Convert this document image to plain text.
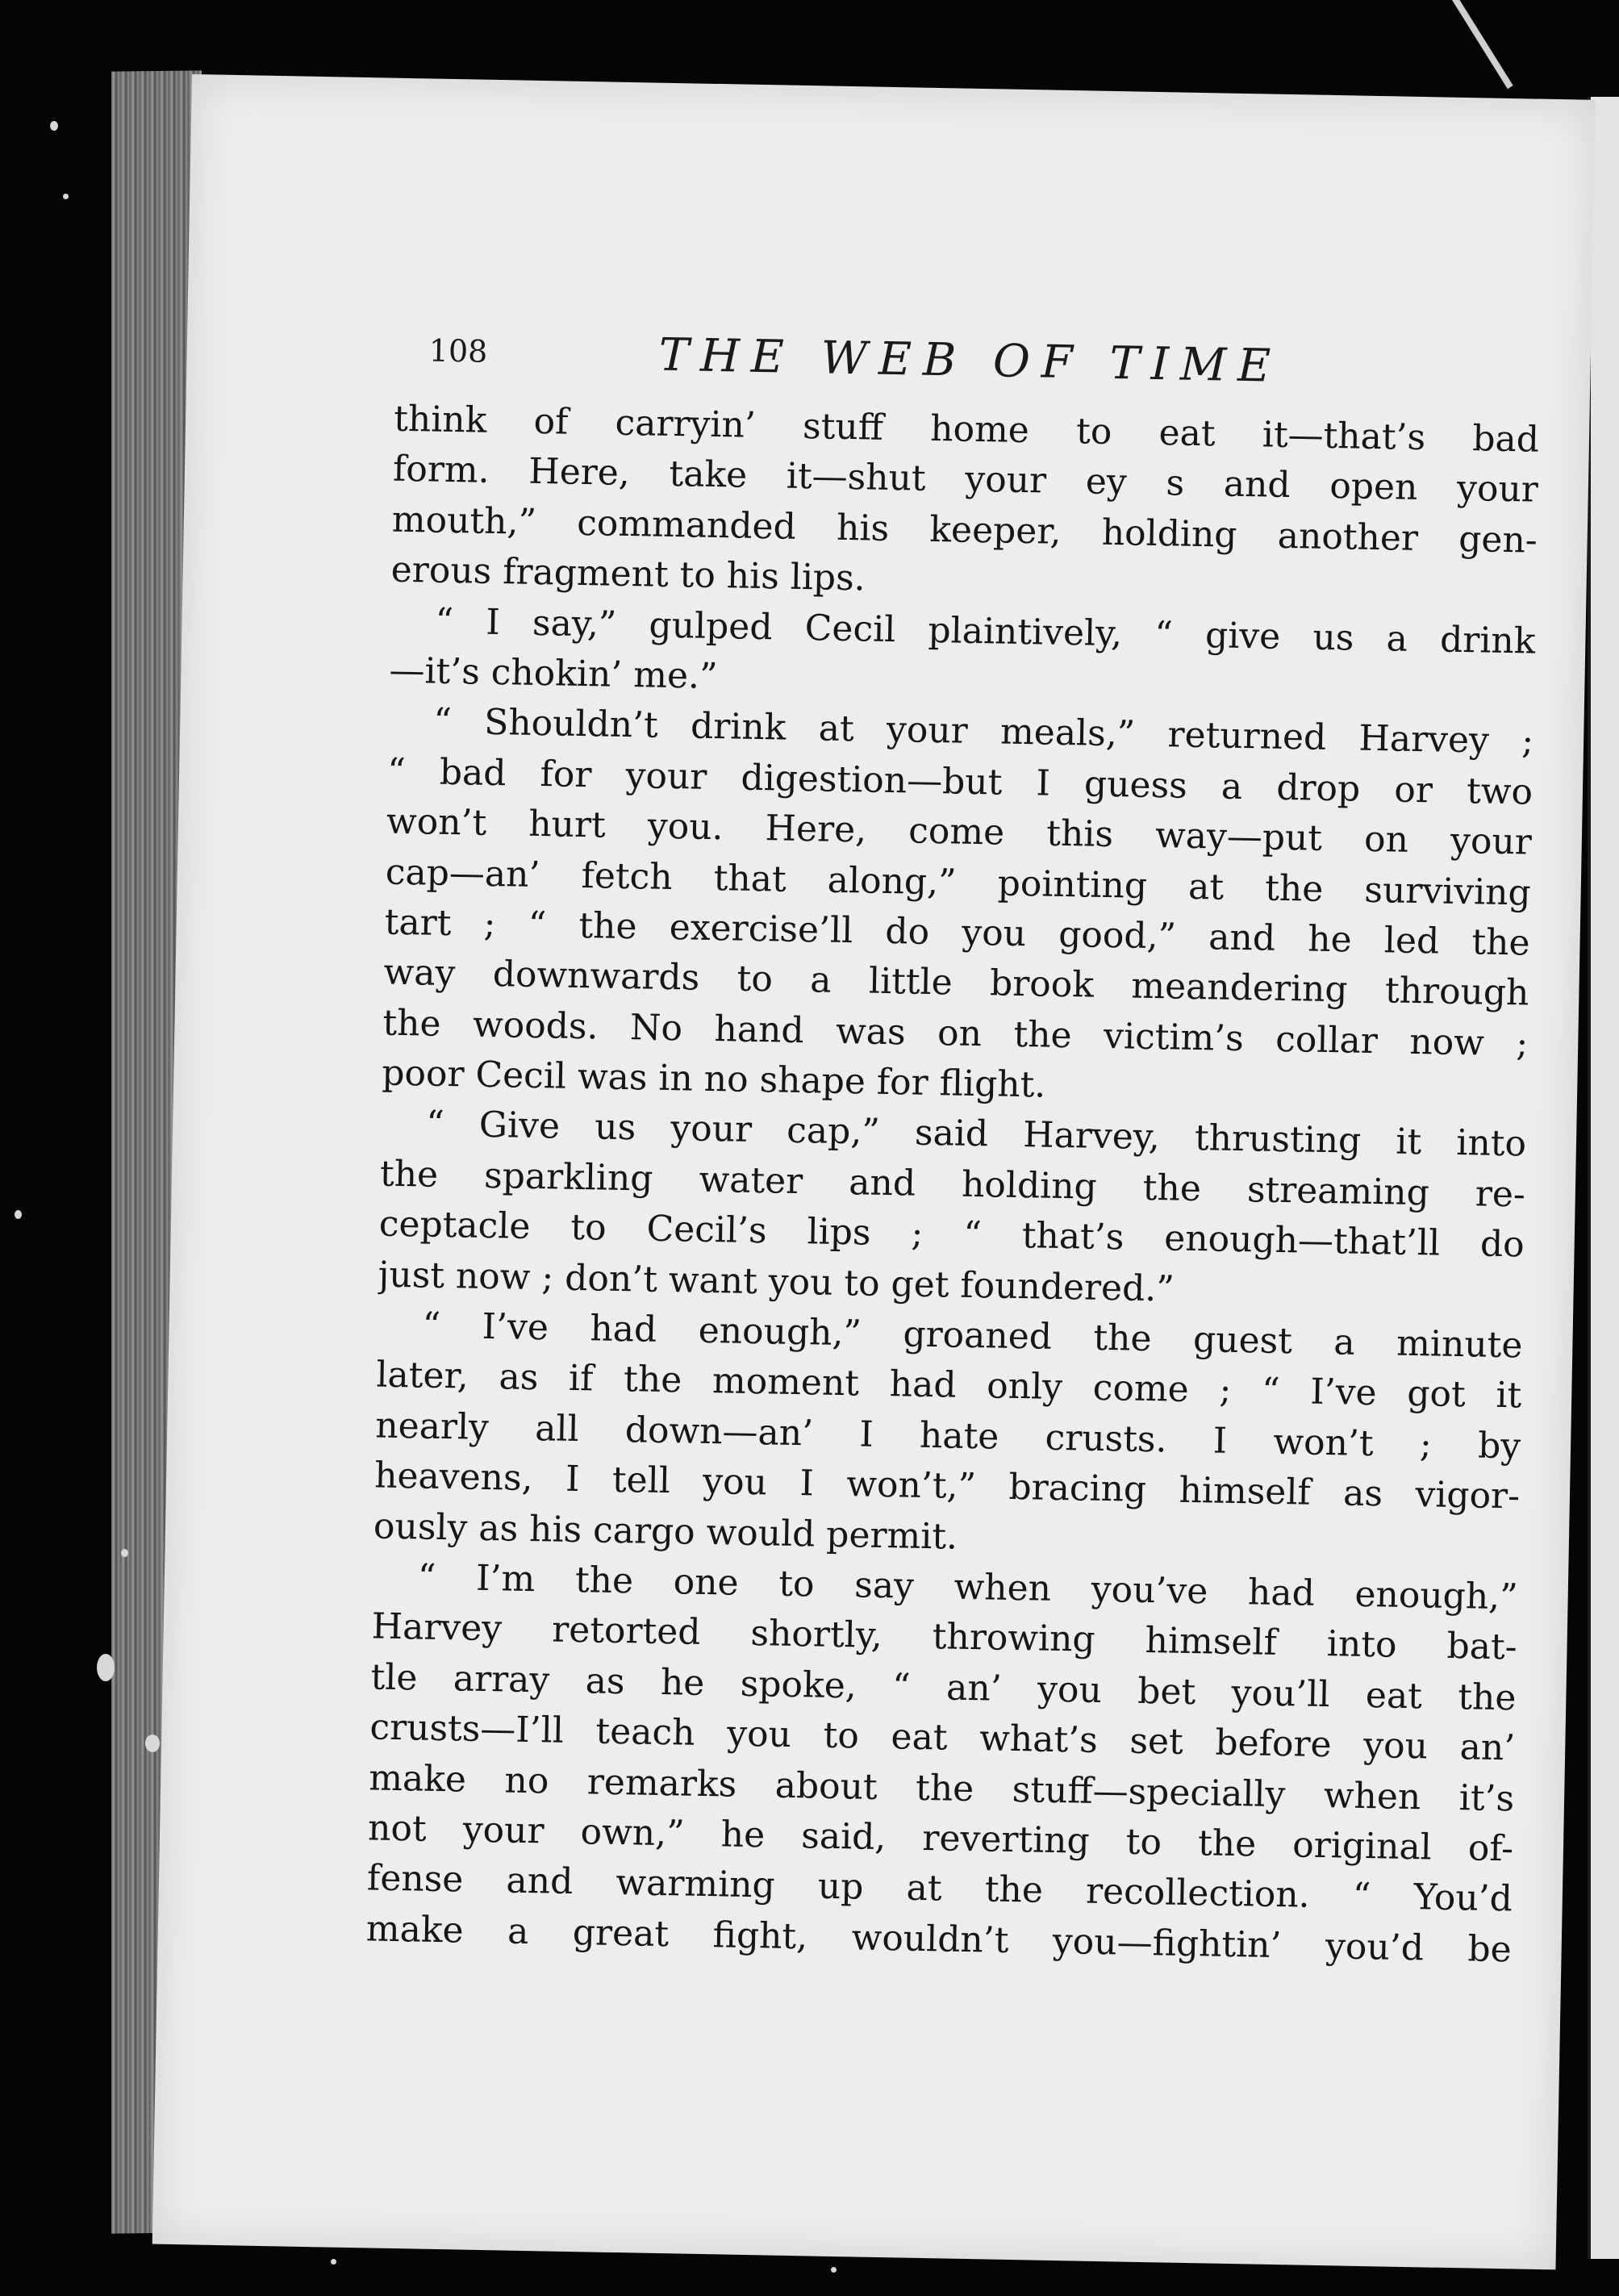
108	THE WEB OF TIME
think of carryin’ stuff home to eat it—that’s bad
form. Here, take it—shut your ey s and open your
mouth,” commanded his keeper, holding another gen-
erous fragment to his lips.
“ I say,” gulped Cecil plaintively, “ give us a drink
—it’s chokin’ me.”
“ Shouldn’t drink at your meals,” returned Harvey ;
“ bad for your digestion—but I guess a drop or two
won’t hurt you. Here, come this way—put on your
cap—an’ fetch that along,” pointing at the surviving
tart ; “ the exercise’ll do you good,” and he led the
way downwards to a little brook meandering through
the woods. No hand was on the victim’s collar now ;
poor Cecil was in no shape for flight.
“ Give us your cap,” said Harvey, thrusting it into
the sparkling water and holding the streaming re-
ceptacle to Cecil’s lips ; “ that’s enough—that’ll do
just now ; don’t want you to get foundered.”
“ I’ve had enough,” groaned the guest a minute
later, as if the moment had only come ; “ I’ve got it
nearly all down—an’ I hate crusts. I won’t ; by
heavens, I tell you I won’t,” bracing himself as vigor-
ously as his cargo would permit.
“ I’m the one to say when you’ve had enough,”
Harvey retorted shortly, throwing himself into bat-
tle array as he spoke, “ an’ you bet you’ll eat the
crusts—I’ll teach you to eat what’s set before you an’
make no remarks about the stuff—specially when it’s
not your own,” he said, reverting to the original of-
fense and warming up at the recollection. “ You’d
make a great fight, wouldn’t you—fightin’ you’d be
